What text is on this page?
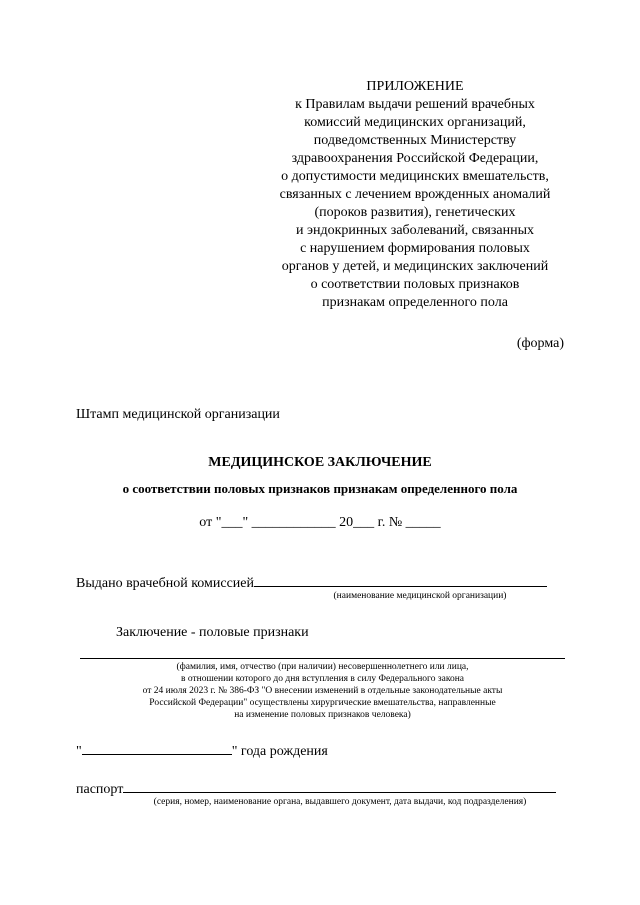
ПРИЛОЖЕНИЕ
к Правилам выдачи решений врачебных
комиссий медицинских организаций,
подведомственных Министерству
здравоохранения Российской Федерации,
о допустимости медицинских вмешательств,
связанных с лечением врожденных аномалий
(пороков развития), генетических
и эндокринных заболеваний, связанных
с нарушением формирования половых
органов у детей, и медицинских заключений
о соответствии половых признаков
признакам определенного пола
(форма)
Штамп медицинской организации
МЕДИЦИНСКОЕ ЗАКЛЮЧЕНИЕ
о соответствии половых признаков признакам определенного пола
от "___" ____________ 20___ г. № _____
Выдано врачебной комиссией
(наименование медицинской организации)
Заключение - половые признаки
(фамилия, имя, отчество (при наличии) несовершеннолетнего или лица,
в отношении которого до дня вступления в силу Федерального закона
от 24 июля 2023 г. № 386-ФЗ "О внесении изменений в отдельные законодательные акты
Российской Федерации" осуществлены хирургические вмешательства, направленные
на изменение половых признаков человека)
"	" года рождения
паспорт
(серия, номер, наименование органа, выдавшего документ, дата выдачи, код подразделения)
